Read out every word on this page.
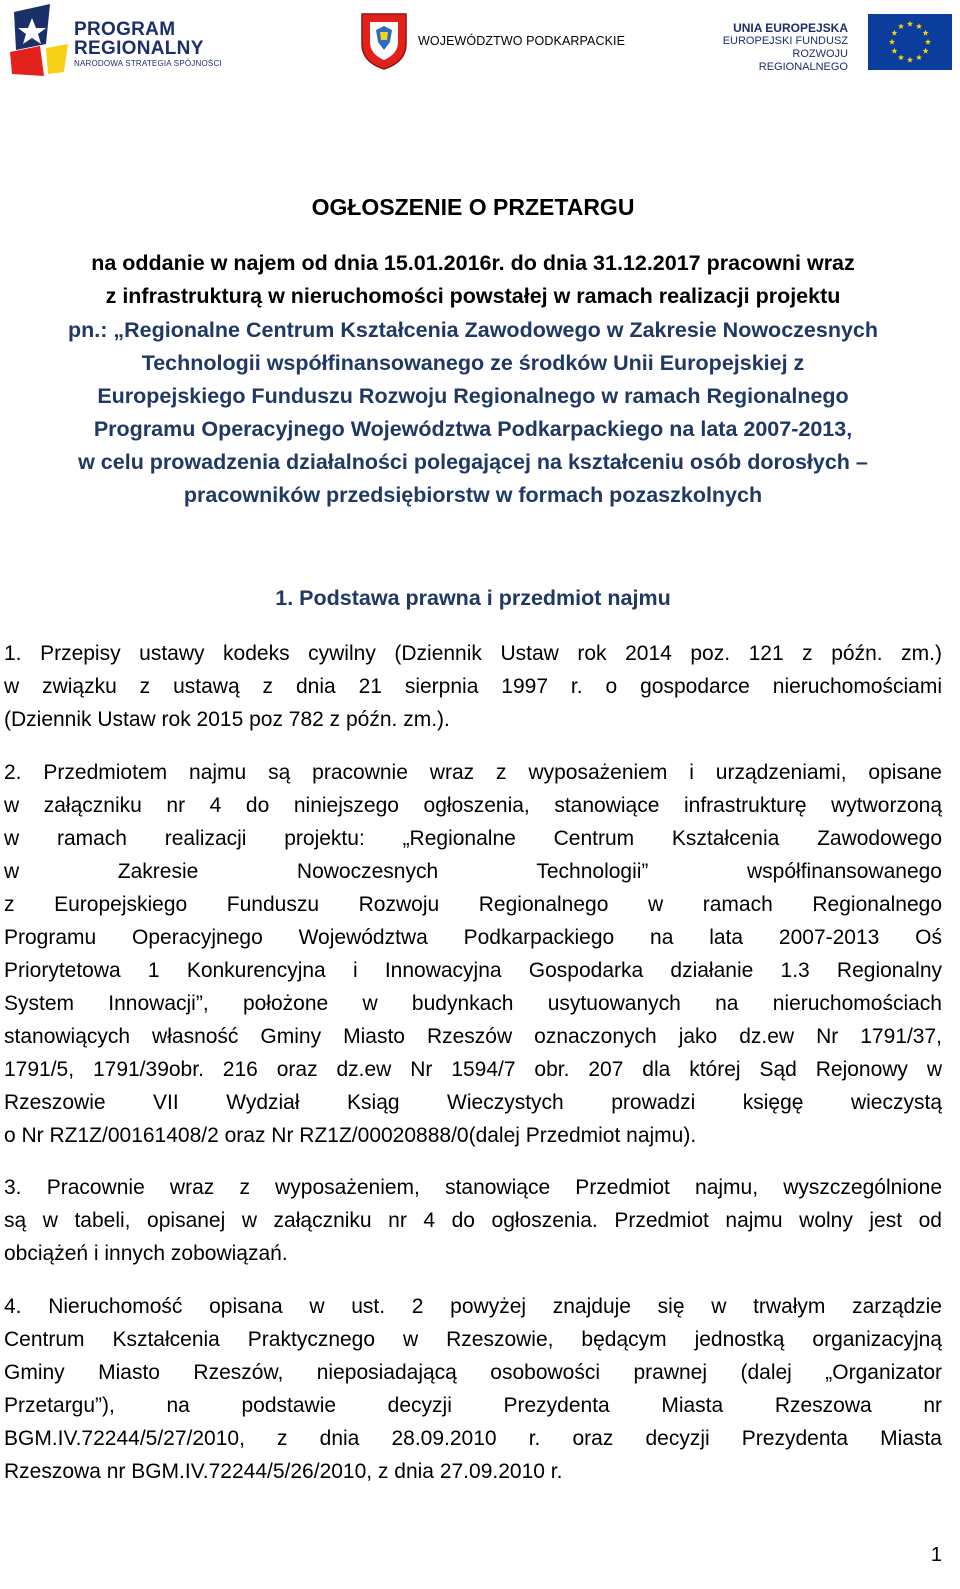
PROGRAM
REGIONALNY
NARODOWA STRATEGIA SPÓJNOŚCI
WOJEWÓDZTWO PODKARPACKIE
UNIA EUROPEJSKA
EUROPEJSKI FUNDUSZ
ROZWOJU REGIONALNEGO
OGŁOSZENIE O PRZETARGU
na oddanie w najem od dnia 15.01.2016r. do dnia 31.12.2017 pracowni wraz
z infrastrukturą w nieruchomości powstałej w ramach realizacji projektu
pn.: „Regionalne Centrum Kształcenia Zawodowego w Zakresie Nowoczesnych
Technologii współfinansowanego ze środków Unii Europejskiej z
Europejskiego Funduszu Rozwoju Regionalnego w ramach Regionalnego
Programu Operacyjnego Województwa Podkarpackiego na lata 2007-2013,
w celu prowadzenia działalności polegającej na kształceniu osób dorosłych –
pracowników przedsiębiorstw w formach pozaszkolnych
1. Podstawa prawna i przedmiot najmu
1. Przepisy ustawy kodeks cywilny (Dziennik Ustaw rok 2014 poz. 121 z późn. zm.)
w związku z ustawą z dnia 21 sierpnia 1997 r. o gospodarce nieruchomościami
(Dziennik Ustaw rok 2015 poz 782 z późn. zm.).
2. Przedmiotem najmu są pracownie wraz z wyposażeniem i urządzeniami, opisane
w załączniku nr 4 do niniejszego ogłoszenia, stanowiące infrastrukturę wytworzoną
w ramach realizacji projektu: „Regionalne Centrum Kształcenia Zawodowego
w Zakresie Nowoczesnych Technologii” współfinansowanego
z Europejskiego Funduszu Rozwoju Regionalnego w ramach Regionalnego
Programu Operacyjnego Województwa Podkarpackiego na lata 2007-2013 Oś
Priorytetowa 1 Konkurencyjna i Innowacyjna Gospodarka działanie 1.3 Regionalny
System Innowacji”, położone w budynkach usytuowanych na nieruchomościach
stanowiących własność Gminy Miasto Rzeszów oznaczonych jako dz.ew Nr 1791/37,
1791/5, 1791/39obr. 216 oraz dz.ew Nr 1594/7 obr. 207 dla której Sąd Rejonowy w
Rzeszowie VII Wydział Ksiąg Wieczystych prowadzi księgę wieczystą
o Nr RZ1Z/00161408/2 oraz Nr RZ1Z/00020888/0(dalej Przedmiot najmu).
3. Pracownie wraz z wyposażeniem, stanowiące Przedmiot najmu, wyszczególnione
są w tabeli, opisanej w załączniku nr 4 do ogłoszenia. Przedmiot najmu wolny jest od
obciążeń i innych zobowiązań.
4. Nieruchomość opisana w ust. 2 powyżej znajduje się w trwałym zarządzie
Centrum Kształcenia Praktycznego w Rzeszowie, będącym jednostką organizacyjną
Gminy Miasto Rzeszów, nieposiadającą osobowości prawnej (dalej „Organizator
Przetargu”), na podstawie decyzji Prezydenta Miasta Rzeszowa nr
BGM.IV.72244/5/27/2010, z dnia 28.09.2010 r. oraz decyzji Prezydenta Miasta
Rzeszowa nr BGM.IV.72244/5/26/2010, z dnia 27.09.2010 r.
1
